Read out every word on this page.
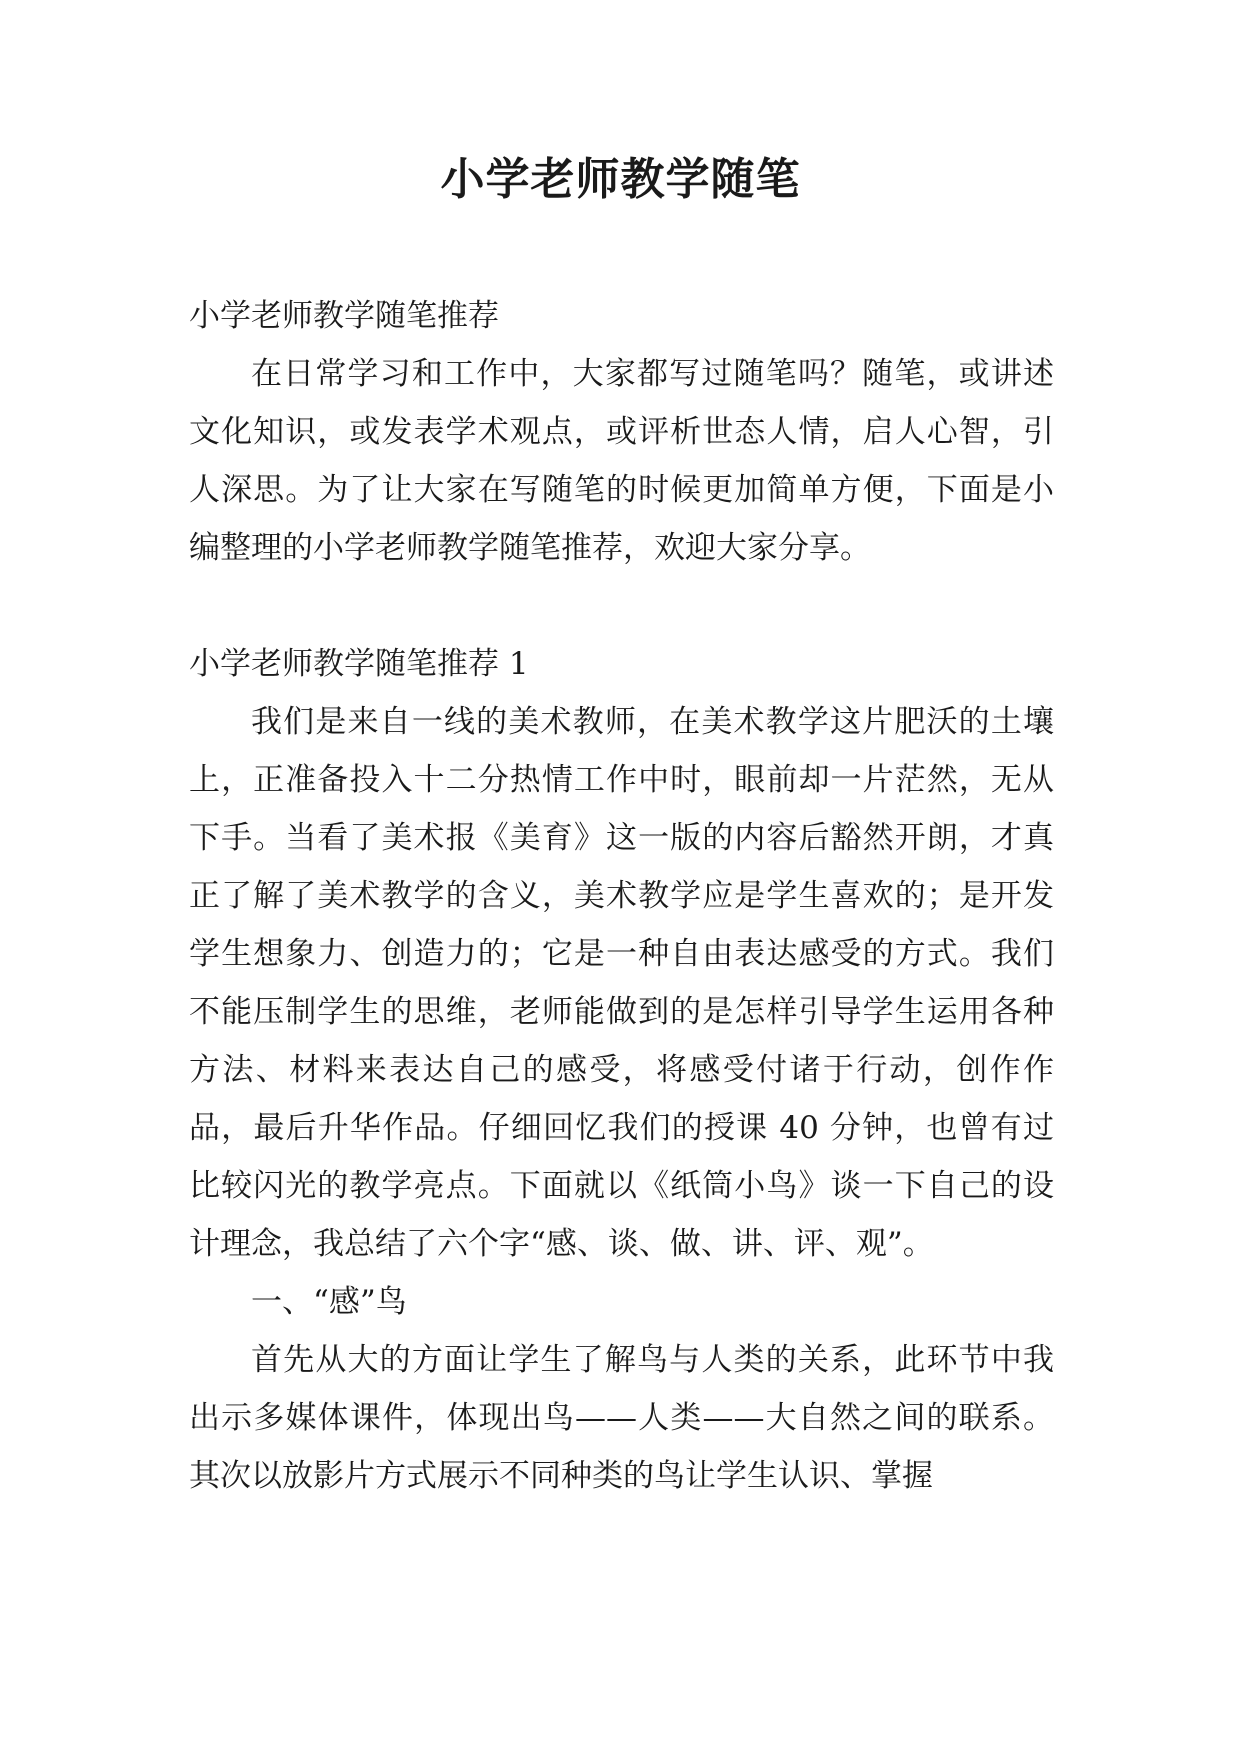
小学老师教学随笔

小学老师教学随笔推荐

在日常学习和工作中，大家都写过随笔吗？随笔，或讲述文化知识，或发表学术观点，或评析世态人情，启人心智，引人深思。为了让大家在写随笔的时候更加简单方便，下面是小编整理的小学老师教学随笔推荐，欢迎大家分享。

小学老师教学随笔推荐 1

我们是来自一线的美术教师，在美术教学这片肥沃的土壤上，正准备投入十二分热情工作中时，眼前却一片茫然，无从下手。当看了美术报《美育》这一版的内容后豁然开朗，才真正了解了美术教学的含义，美术教学应是学生喜欢的；是开发学生想象力、创造力的；它是一种自由表达感受的方式。我们不能压制学生的思维，老师能做到的是怎样引导学生运用各种方法、材料来表达自己的感受，将感受付诸于行动，创作作品，最后升华作品。仔细回忆我们的授课 40 分钟，也曾有过比较闪光的教学亮点。下面就以《纸筒小鸟》谈一下自己的设计理念，我总结了六个字“感、谈、做、讲、评、观”。

一、“感”鸟

首先从大的方面让学生了解鸟与人类的关系，此环节中我出示多媒体课件，体现出鸟——人类——大自然之间的联系。其次以放影片方式展示不同种类的鸟让学生认识、掌握
